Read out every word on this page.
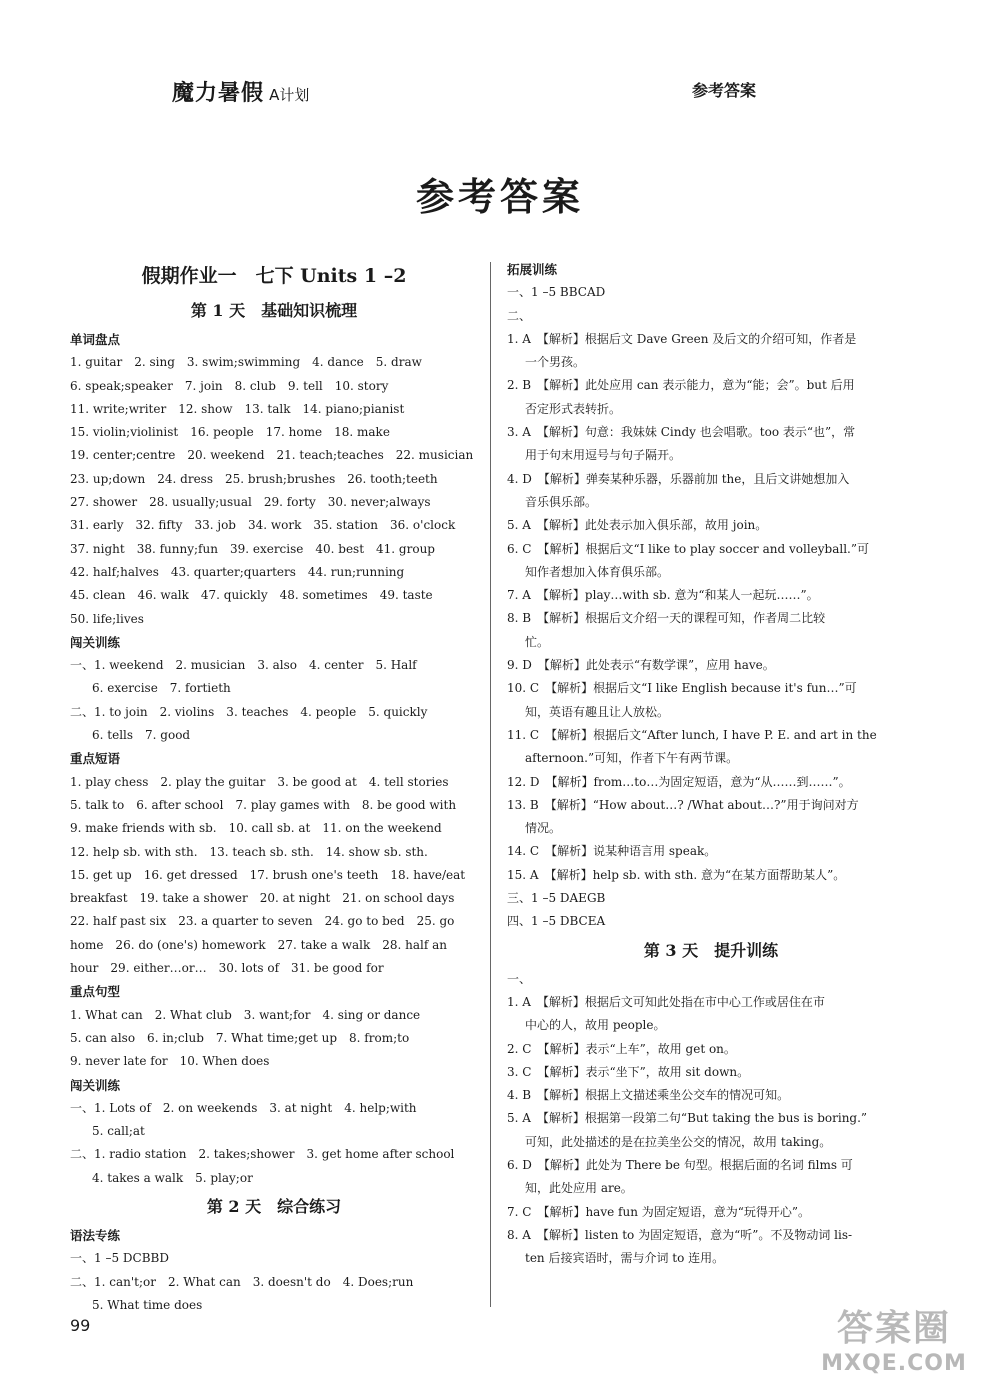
魔力暑假 A计划	参考答案
参考答案
假期作业一　七下 Units 1 –2
第 1 天　基础知识梳理
单词盘点
1. guitar　2. sing　3. swim;swimming　4. dance　5. draw
6. speak;speaker　7. join　8. club　9. tell　10. story
11. write;writer　12. show　13. talk　14. piano;pianist
15. violin;violinist　16. people　17. home　18. make
19. center;centre　20. weekend　21. teach;teaches　22. musician
23. up;down　24. dress　25. brush;brushes　26. tooth;teeth
27. shower　28. usually;usual　29. forty　30. never;always
31. early　32. fifty　33. job　34. work　35. station　36. o'clock
37. night　38. funny;fun　39. exercise　40. best　41. group
42. half;halves　43. quarter;quarters　44. run;running
45. clean　46. walk　47. quickly　48. sometimes　49. taste
50. life;lives
闯关训练
一、1. weekend　2. musician　3. also　4. center　5. Half
6. exercise　7. fortieth
二、1. to join　2. violins　3. teaches　4. people　5. quickly
6. tells　7. good
重点短语
1. play chess　2. play the guitar　3. be good at　4. tell stories
5. talk to　6. after school　7. play games with　8. be good with
9. make friends with sb.　10. call sb. at　11. on the weekend
12. help sb. with sth.　13. teach sb. sth.　14. show sb. sth.
15. get up　16. get dressed　17. brush one's teeth　18. have/eat
breakfast　19. take a shower　20. at night　21. on school days
22. half past six　23. a quarter to seven　24. go to bed　25. go
home　26. do (one's) homework　27. take a walk　28. half an
hour　29. either…or…　30. lots of　31. be good for
重点句型
1. What can　2. What club　3. want;for　4. sing or dance
5. can also　6. in;club　7. What time;get up　8. from;to
9. never late for　10. When does
闯关训练
一、1. Lots of　2. on weekends　3. at night　4. help;with
5. call;at
二、1. radio station　2. takes;shower　3. get home after school
4. takes a walk　5. play;or
第 2 天　综合练习
语法专练
一、1 –5 DCBBD
二、1. can't;or　2. What can　3. doesn't do　4. Does;run
5. What time does
拓展训练
一、1 –5 BBCAD
二、
1. A　【解析】根据后文 Dave Green 及后文的介绍可知，作者是
一个男孩。
2. B　【解析】此处应用 can 表示能力，意为“能；会”。but 后用
否定形式表转折。
3. A　【解析】句意：我妹妹 Cindy 也会唱歌。too 表示“也”，常
用于句末用逗号与句子隔开。
4. D　【解析】弹奏某种乐器，乐器前加 the，且后文讲她想加入
音乐俱乐部。
5. A　【解析】此处表示加入俱乐部，故用 join。
6. C　【解析】根据后文“I like to play soccer and volleyball.”可
知作者想加入体育俱乐部。
7. A　【解析】play…with sb. 意为“和某人一起玩……”。
8. B　【解析】根据后文介绍一天的课程可知，作者周二比较
忙。
9. D　【解析】此处表示“有数学课”，应用 have。
10. C　【解析】根据后文“I like English because it's fun…”可
知，英语有趣且让人放松。
11. C　【解析】根据后文“After lunch, I have P. E. and art in the
afternoon.”可知，作者下午有两节课。
12. D　【解析】from…to…为固定短语，意为“从……到……”。
13. B　【解析】“How about…? /What about…?”用于询问对方
情况。
14. C　【解析】说某种语言用 speak。
15. A　【解析】help sb. with sth. 意为“在某方面帮助某人”。
三、1 –5 DAEGB
四、1 –5 DBCEA
第 3 天　提升训练
一、
1. A　【解析】根据后文可知此处指在市中心工作或居住在市
中心的人，故用 people。
2. C　【解析】表示“上车”，故用 get on。
3. C　【解析】表示“坐下”，故用 sit down。
4. B　【解析】根据上文描述乘坐公交车的情况可知。
5. A　【解析】根据第一段第二句“But taking the bus is boring.”
可知，此处描述的是在拉美坐公交的情况，故用 taking。
6. D　【解析】此处为 There be 句型。根据后面的名词 films 可
知，此处应用 are。
7. C　【解析】have fun 为固定短语，意为“玩得开心”。
8. A　【解析】listen to 为固定短语，意为“听”。不及物动词 lis-
ten 后接宾语时，需与介词 to 连用。
99	答案圈
MXQE.COM
